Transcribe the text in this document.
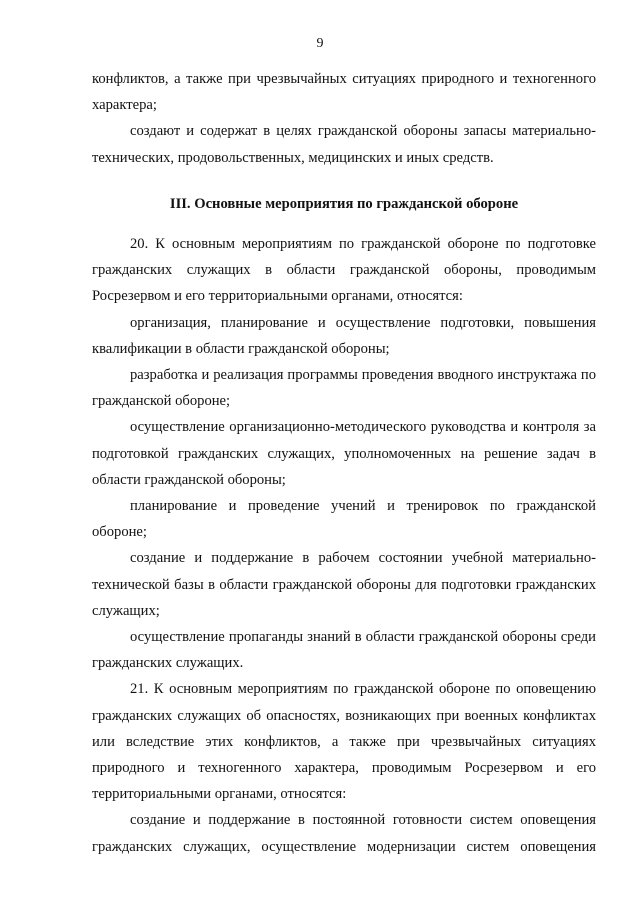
9

конфликтов, а также при чрезвычайных ситуациях природного и техногенного характера;

создают и содержат в целях гражданской обороны запасы материально-технических, продовольственных, медицинских и иных средств.

III. Основные мероприятия по гражданской обороне

20. К основным мероприятиям по гражданской обороне по подготовке гражданских служащих в области гражданской обороны, проводимым Росрезервом и его территориальными органами, относятся:

организация, планирование и осуществление подготовки, повышения квалификации в области гражданской обороны;

разработка и реализация программы проведения вводного инструктажа по гражданской обороне;

осуществление организационно-методического руководства и контроля за подготовкой гражданских служащих, уполномоченных на решение задач в области гражданской обороны;

планирование и проведение учений и тренировок по гражданской обороне;

создание и поддержание в рабочем состоянии учебной материально-технической базы в области гражданской обороны для подготовки гражданских служащих;

осуществление пропаганды знаний в области гражданской обороны среди гражданских служащих.

21. К основным мероприятиям по гражданской обороне по оповещению гражданских служащих об опасностях, возникающих при военных конфликтах или вследствие этих конфликтов, а также при чрезвычайных ситуациях природного и техногенного характера, проводимым Росрезервом и его территориальными органами, относятся:

создание и поддержание в постоянной готовности систем оповещения гражданских служащих, осуществление модернизации систем оповещения
